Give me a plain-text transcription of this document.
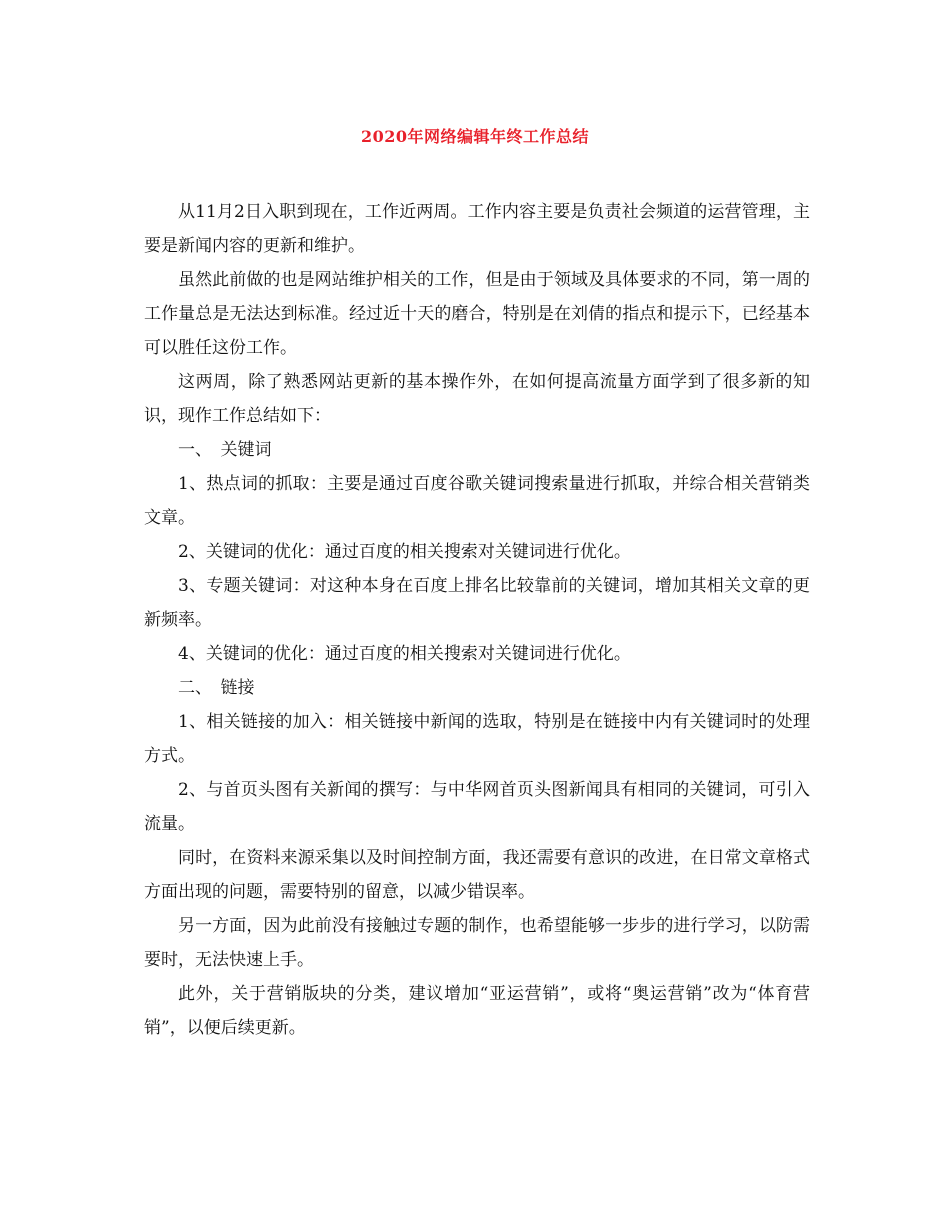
2020年网络编辑年终工作总结

从11月2日入职到现在，工作近两周。工作内容主要是负责社会频道的运营管理，主要是新闻内容的更新和维护。

虽然此前做的也是网站维护相关的工作，但是由于领域及具体要求的不同，第一周的工作量总是无法达到标准。经过近十天的磨合，特别是在刘倩的指点和提示下，已经基本可以胜任这份工作。

这两周，除了熟悉网站更新的基本操作外，在如何提高流量方面学到了很多新的知识，现作工作总结如下：

一、　关键词

1、热点词的抓取：主要是通过百度谷歌关键词搜索量进行抓取，并综合相关营销类文章。

2、关键词的优化：通过百度的相关搜索对关键词进行优化。

3、专题关键词：对这种本身在百度上排名比较靠前的关键词，增加其相关文章的更新频率。

4、关键词的优化：通过百度的相关搜索对关键词进行优化。

二、　链接

1、相关链接的加入：相关链接中新闻的选取，特别是在链接中内有关键词时的处理方式。

2、与首页头图有关新闻的撰写：与中华网首页头图新闻具有相同的关键词，可引入流量。

同时，在资料来源采集以及时间控制方面，我还需要有意识的改进，在日常文章格式方面出现的问题，需要特别的留意，以减少错误率。

另一方面，因为此前没有接触过专题的制作，也希望能够一步步的进行学习，以防需要时，无法快速上手。

此外，关于营销版块的分类，建议增加“亚运营销”，或将“奥运营销”改为“体育营销”，以便后续更新。
